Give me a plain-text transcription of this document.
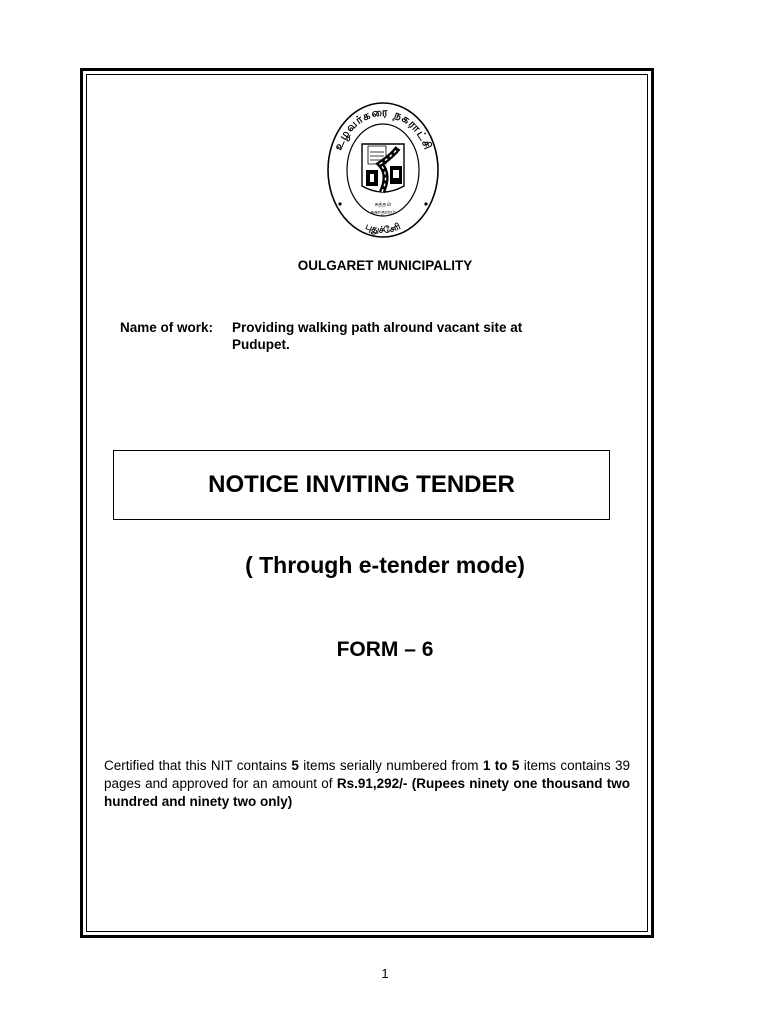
உழவர்கரை நகராட்சி
புதுச்சேரி
சுத்தம்
சுகாதாரம்
OULGARET MUNICIPALITY
Name of work: Providing walking path alround vacant site at
Pudupet.
NOTICE INVITING TENDER
( Through e-tender mode)
FORM – 6
Certified that this NIT contains 5 items serially numbered from 1 to 5 items contains 39 pages and approved for an amount of Rs.91,292/- (Rupees ninety one thousand two hundred and ninety two only)
1
